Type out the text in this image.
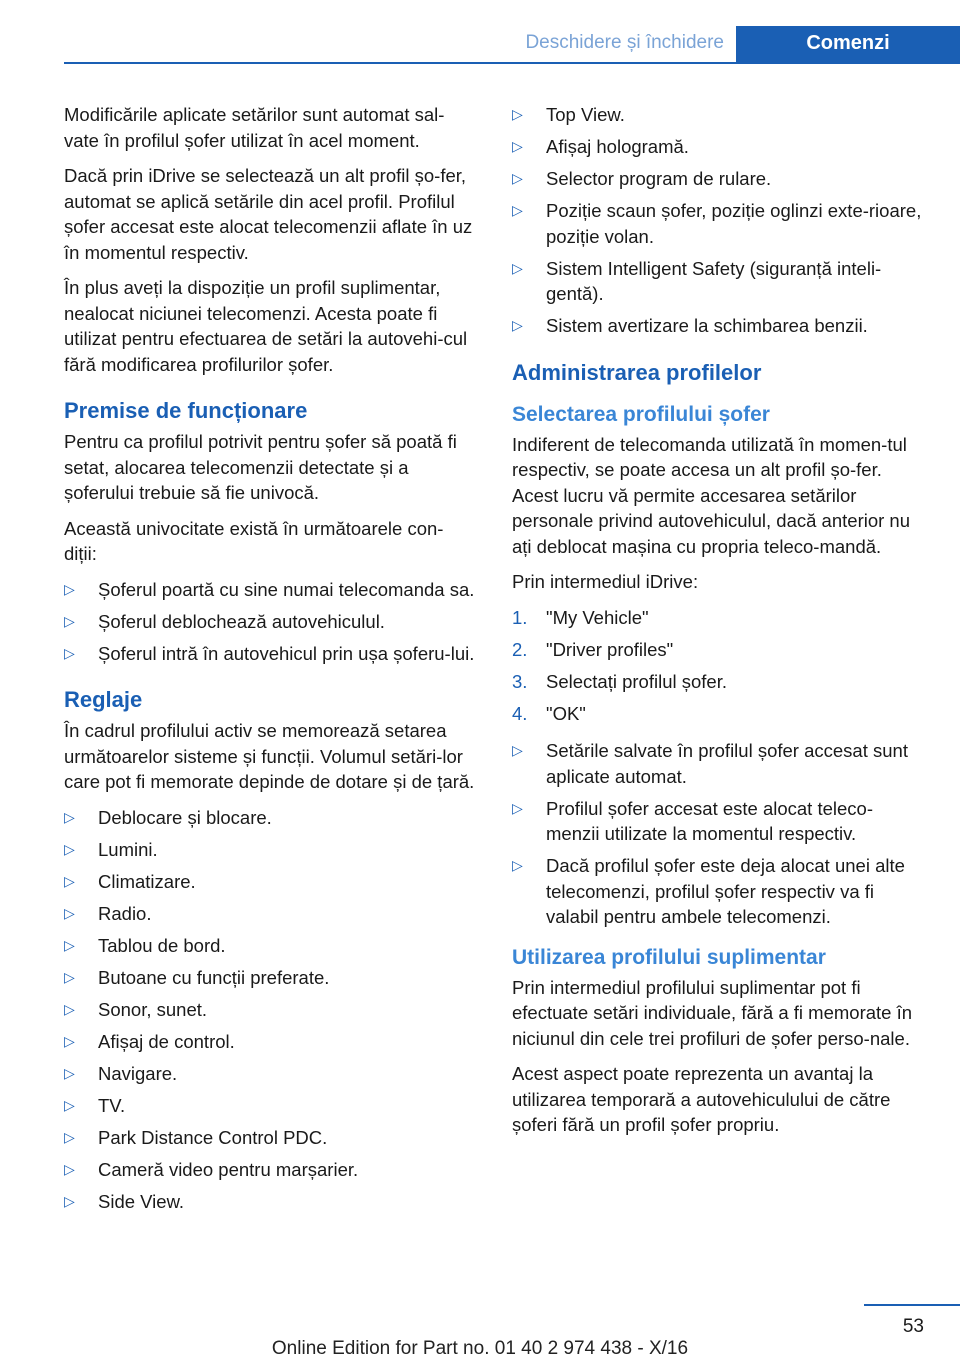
Deschidere și închidere	Comenzi

Modificările aplicate setărilor sunt automat sal‐vate în profilul șofer utilizat în acel moment.

Dacă prin iDrive se selectează un alt profil șo‐fer, automat se aplică setările din acel profil. Profilul șofer accesat este alocat telecomenzii aflate în uz în momentul respectiv.

În plus aveți la dispoziție un profil suplimentar, nealocat niciunei telecomenzi. Acesta poate fi utilizat pentru efectuarea de setări la autovehi‐cul fără modificarea profilurilor șofer.

Premise de funcționare

Pentru ca profilul potrivit pentru șofer să poată fi setat, alocarea telecomenzii detectate și a șoferului trebuie să fie univocă.

Această univocitate există în următoarele con‐diții:

▷ Șoferul poartă cu sine numai telecomanda sa.
▷ Șoferul deblochează autovehiculul.
▷ Șoferul intră în autovehicul prin ușa șoferu‐lui.
Reglaje

În cadrul profilului activ se memorează setarea următoarelor sisteme și funcții. Volumul setări‐lor care pot fi memorate depinde de dotare și de țară.

▷ Deblocare și blocare.
▷ Lumini.
▷ Climatizare.
▷ Radio.
▷ Tablou de bord.
▷ Butoane cu funcții preferate.
▷ Sonor, sunet.
▷ Afișaj de control.
▷ Navigare.
▷ TV.
▷ Park Distance Control PDC.
▷ Cameră video pentru marșarier.
▷ Side View.
▷ Top View.
▷ Afișaj hologramă.
▷ Selector program de rulare.
▷ Poziție scaun șofer, poziție oglinzi exte‐rioare, poziție volan.
▷ Sistem Intelligent Safety (siguranță inteli‐gentă).
▷ Sistem avertizare la schimbarea benzii.
Administrarea profilelor
Selectarea profilului șofer

Indiferent de telecomanda utilizată în momen‐tul respectiv, se poate accesa un alt profil șo‐fer. Acest lucru vă permite accesarea setărilor personale privind autovehiculul, dacă anterior nu ați deblocat mașina cu propria teleco‐mandă.

Prin intermediul iDrive:

1. "My Vehicle"
2. "Driver profiles"
3. Selectați profilul șofer.
4. "OK"
▷ Setările salvate în profilul șofer accesat sunt aplicate automat.
▷ Profilul șofer accesat este alocat teleco‐menzii utilizate la momentul respectiv.
▷ Dacă profilul șofer este deja alocat unei alte telecomenzi, profilul șofer respectiv va fi valabil pentru ambele telecomenzi.
Utilizarea profilului suplimentar

Prin intermediul profilului suplimentar pot fi efectuate setări individuale, fără a fi memorate în niciunul din cele trei profiluri de șofer perso‐nale.

Acest aspect poate reprezenta un avantaj la utilizarea temporară a autovehiculului de către șoferi fără un profil șofer propriu.

53
Online Edition for Part no. 01 40 2 974 438 - X/16
